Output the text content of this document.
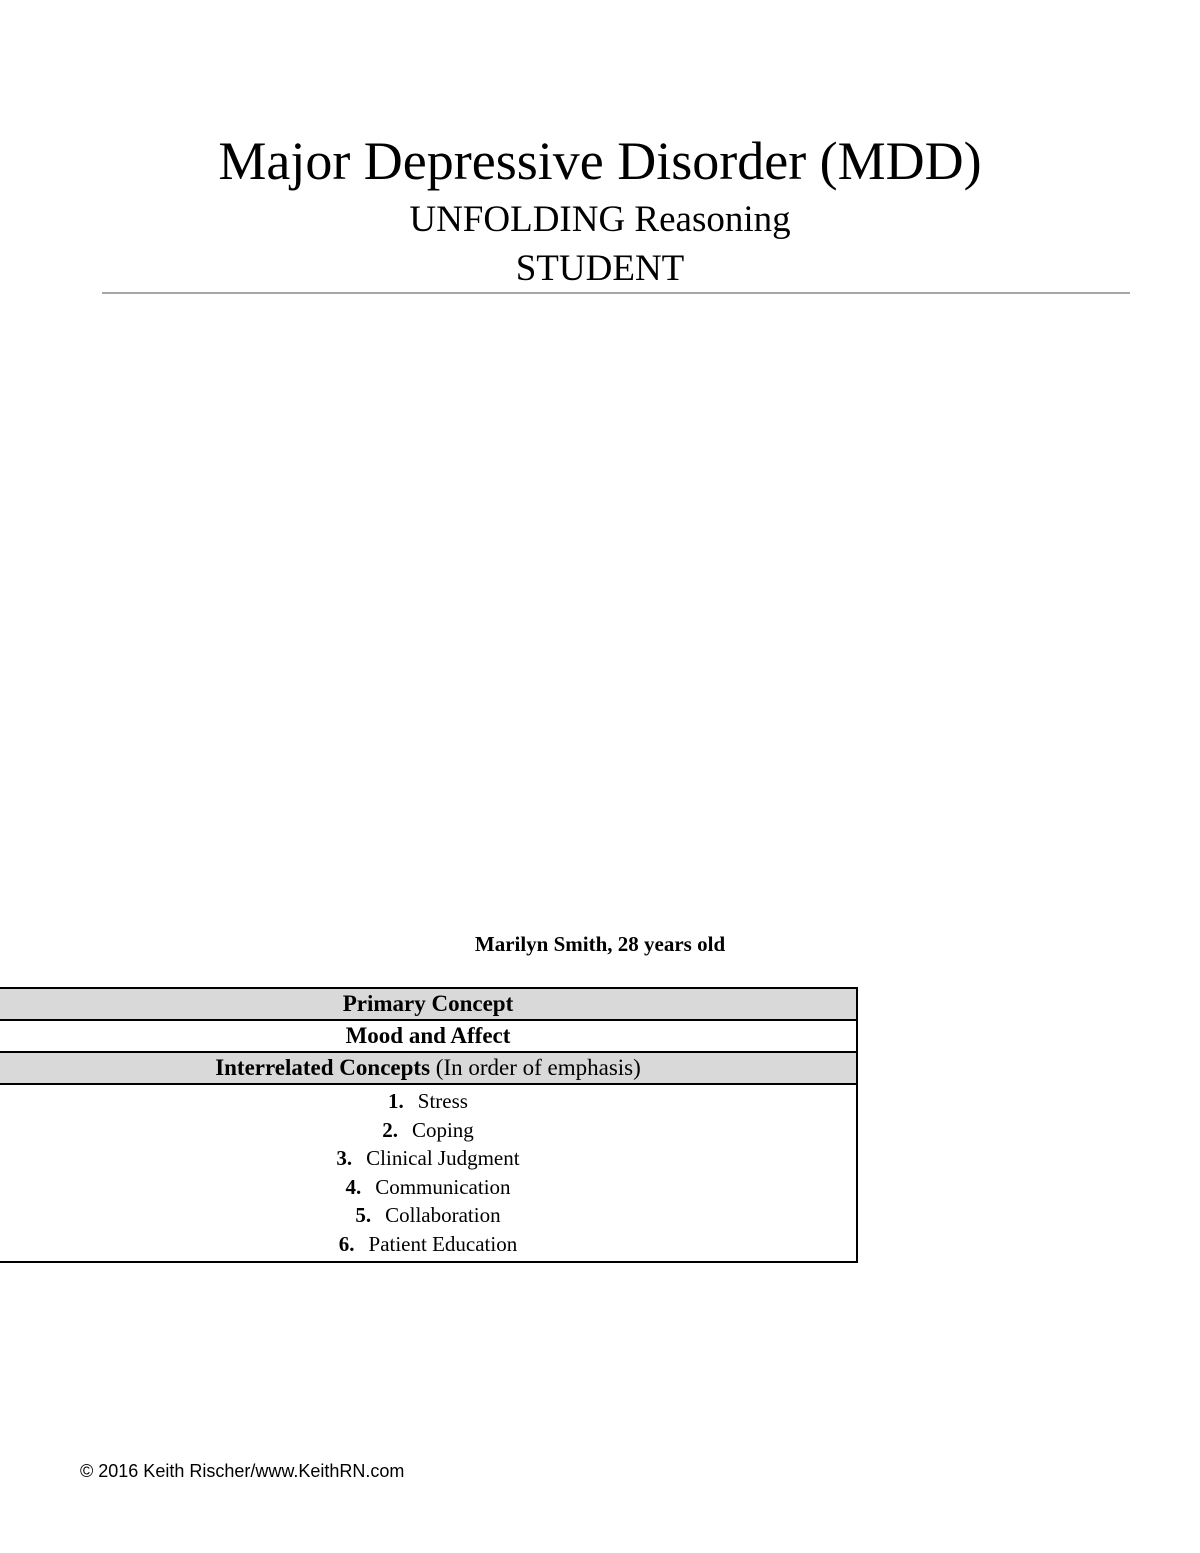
Major Depressive Disorder (MDD)
UNFOLDING Reasoning
STUDENT
Marilyn Smith, 28 years old
Primary Concept
Mood and Affect
Interrelated Concepts (In order of emphasis)

1. Stress
2. Coping
3. Clinical Judgment
4. Communication
5. Collaboration
6. Patient Education
© 2016 Keith Rischer/www.KeithRN.com
